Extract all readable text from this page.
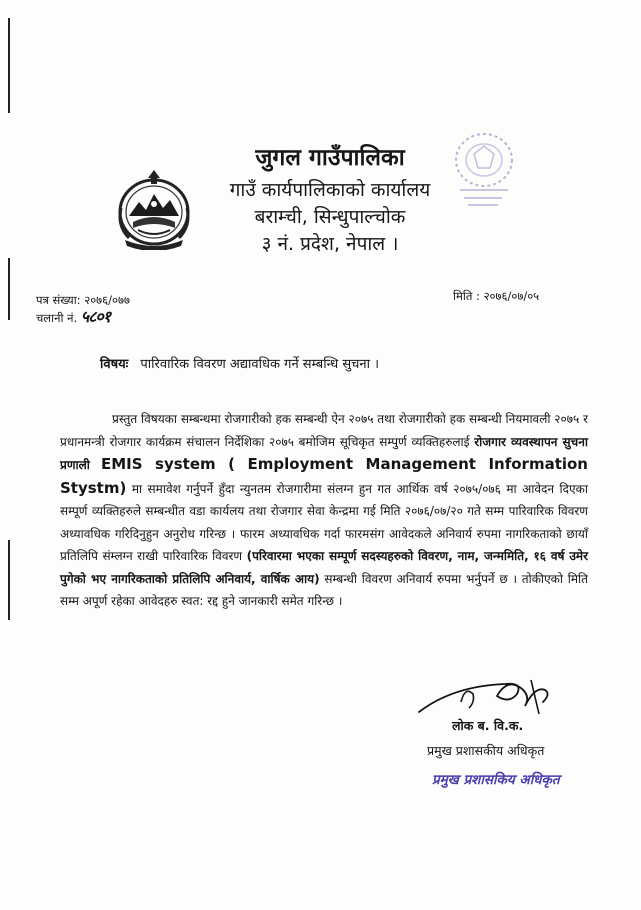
जुगल गाउँपालिका
गाउँ कार्यपालिकाको कार्यालय
बराम्ची, सिन्धुपाल्चोक
३ नं. प्रदेश, नेपाल ।
पत्र संख्या: २०७६/०७७
चलानी नं. ५८०१
मिति : २०७६/०७/०५
विषयः पारिवारिक विवरण अद्यावधिक गर्ने सम्बन्धि सुचना ।
प्रस्तुत विषयका सम्बन्धमा रोजगारीको हक सम्बन्धी ऐन २०७५ तथा रोजगारीको हक सम्बन्धी नियमावली २०७५ र प्रधानमन्त्री रोजगार कार्यक्रम संचालन निर्देशिका २०७५ बमोजिम सूचिकृत सम्पुर्ण व्यक्तिहरुलाई रोजगार व्यवस्थापन सुचना प्रणाली EMIS system ( Employment Management Information Stystm) मा समावेश गर्नुपर्ने हुँदा न्युनतम रोजगारीमा संलग्न हुन गत आर्थिक वर्ष २०७५/०७६ मा आवेदन दिएका सम्पूर्ण व्यक्तिहरुले सम्बन्धीत वडा कार्यलय तथा रोजगार सेवा केन्द्रमा गई मिति २०७६/०७/२० गते सम्म पारिवारिक विवरण अध्यावधिक गरिदिनुहुन अनुरोध गरिन्छ । फारम अध्यावधिक गर्दा फारमसंग आवेदकले अनिवार्य रुपमा नागरिकताको छायाँ प्रतिलिपि संम्लग्न राखी पारिवारिक विवरण (परिवारमा भएका सम्पूर्ण सदस्यहरुको विवरण, नाम, जन्ममिति, १६ वर्ष उमेर पुगेको भए नागरिकताको प्रतिलिपि अनिवार्य, वार्षिक आय) सम्बन्धी विवरण अनिवार्य रुपमा भर्नुपर्ने छ । तोकीएको मिति सम्म अपूर्ण रहेका आवेदहरु स्वत: रद्द हुने जानकारी समेत गरिन्छ ।
लोक ब. वि.क.
प्रमुख प्रशासकीय अधिकृत
प्रमुख प्रशासकिय अधिकृत
